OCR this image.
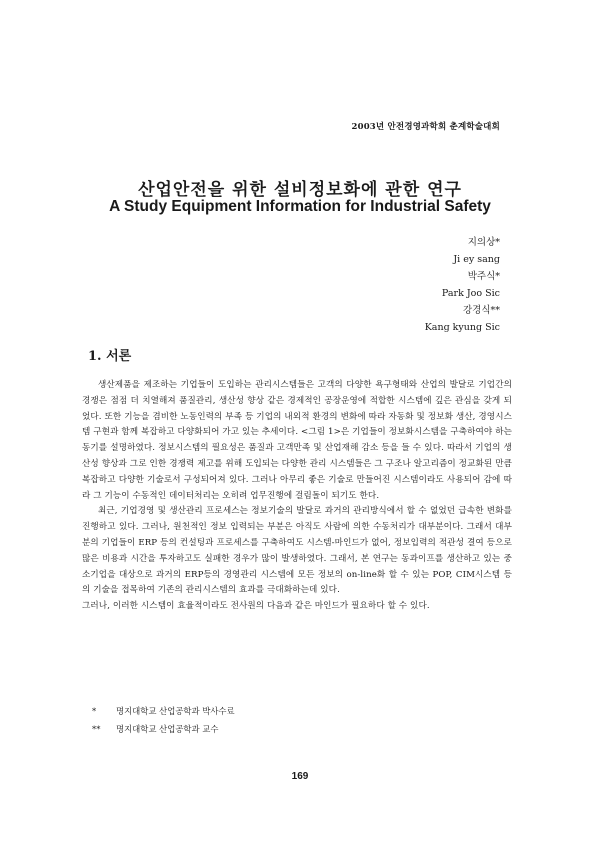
2003년 안전경영과학회 춘계학술대회
산업안전을 위한 설비정보화에 관한 연구
A Study Equipment Information for Industrial Safety
지의상*
Ji ey sang
박주식*
Park Joo Sic
강경식**
Kang kyung Sic
1. 서론

생산제품을 제조하는 기업들이 도입하는 관리시스템들은 고객의 다양한 욕구형태와 산업의 발달로 기업간의 경쟁은 점점 더 치열해져 품질관리, 생산성 향상 같은 경제적인 공장운영에 적합한 시스템에 깊은 관심을 갖게 되었다. 또한 기능을 겸비한 노동인력의 부족 등 기업의 내외적 환경의 변화에 따라 자동화 및 정보화 생산, 경영시스템 구현과 함께 복잡하고 다양화되어 가고 있는 추세이다. <그림 1>은 기업들이 정보화시스템을 구축하여야 하는 동기를 설명하였다. 정보시스템의 필요성은 품질과 고객만족 및 산업재해 감소 등을 들 수 있다. 따라서 기업의 생산성 향상과 그로 인한 경쟁력 제고를 위해 도입되는 다양한 관리 시스템들은 그 구조나 알고리즘이 정교화된 만큼 복잡하고 다양한 기술로서 구성되어져 있다. 그러나 아무리 좋은 기술로 만들어진 시스템이라도 사용되어 감에 따라 그 기능이 수동적인 데이터처리는 오히려 업무진행에 걸림돌이 되기도 한다.

최근, 기업경영 및 생산관리 프로세스는 정보기술의 발달로 과거의 관리방식에서 할 수 없었던 급속한 변화를 진행하고 있다. 그러나, 원천적인 정보 입력되는 부분은 아직도 사람에 의한 수동처리가 대부분이다. 그래서 대부분의 기업들이 ERP 등의 컨설팅과 프로세스를 구축하여도 시스템-마인드가 없어, 정보입력의 적관성 결여 등으로 많은 비용과 시간을 투자하고도 실패한 경우가 많이 발생하였다. 그래서, 본 연구는 동과이프를 생산하고 있는 중소기업을 대상으로 과거의 ERP등의 경영관리 시스템에 모든 정보의 on-line화 할 수 있는 POP, CIM시스템 등의 기술을 접목하여 기존의 관리시스템의 효과를 극대화하는데 있다.

그러나, 이러한 시스템이 효율적이라도 전사원의 다음과 같은 마인드가 필요하다 할 수 있다.

*	명지대학교 산업공학과 박사수료
**	명지대학교 산업공학과 교수
169
